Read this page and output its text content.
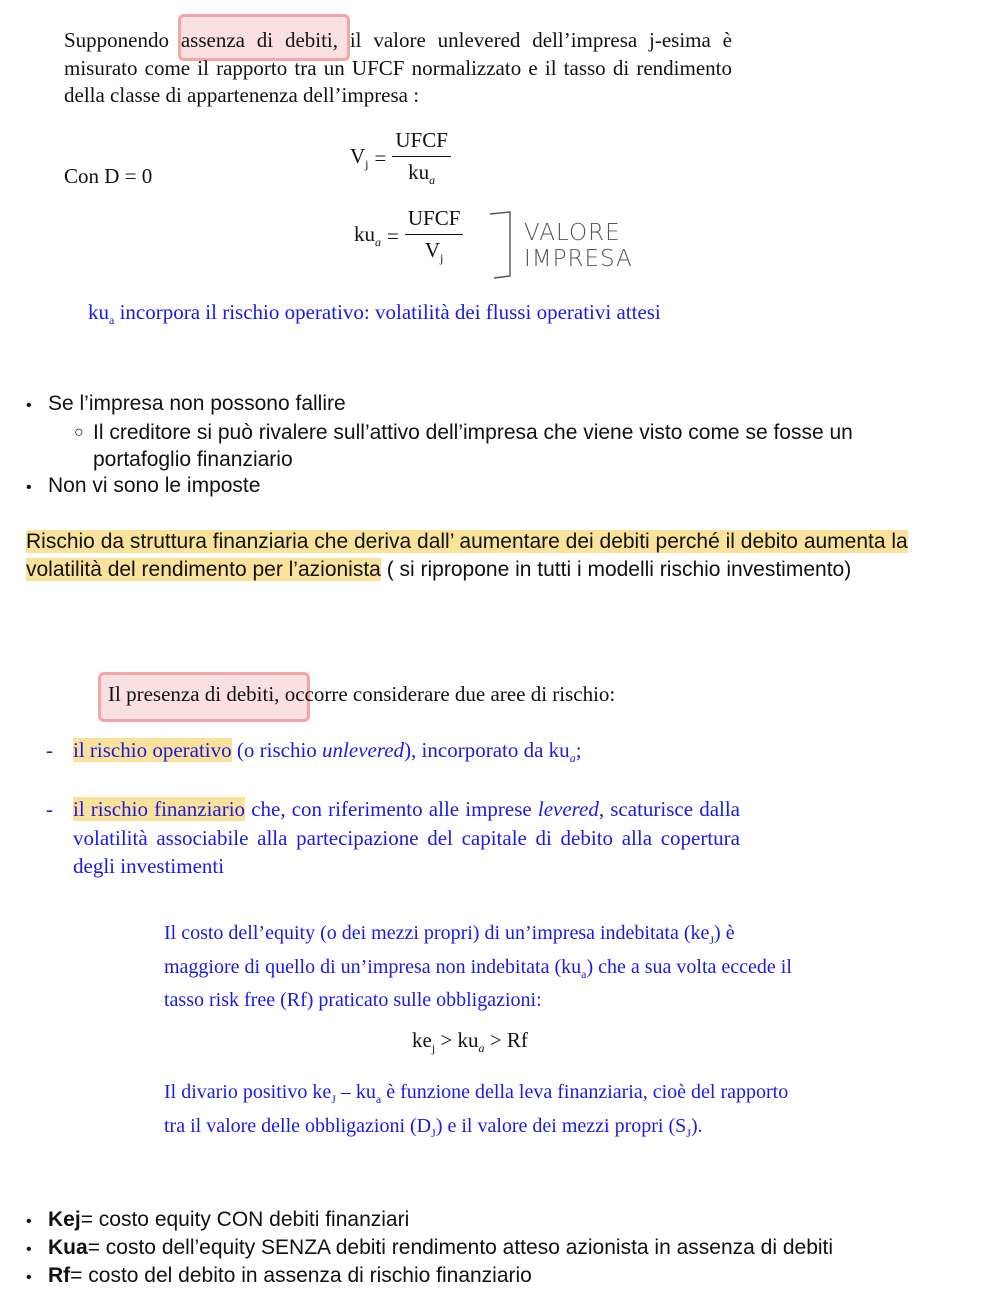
Supponendo assenza di debiti, il valore unlevered dell’impresa j-esima è misurato come il rapporto tra un UFCF normalizzato e il tasso di rendimento della classe di appartenenza dell’impresa :
Con D = 0
$V_j = \frac{\text{UFCF}}{ku_a}$
$ku_a = \frac{\text{UFCF}}{V_j}$	VALORE
IMPRESA
$ku_a$ incorpora il rischio operativo: volatilità dei flussi operativi attesi
• Se l’impresa non possono fallire
○ Il creditore si può rivalere sull’attivo dell’impresa che viene visto come se fosse un portafoglio finanziario
• Non vi sono le imposte
Rischio da struttura finanziaria che deriva dall’ aumentare dei debiti perché il debito aumenta la volatilità del rendimento per l’azionista ( si ripropone in tutti i modelli rischio investimento)
Il presenza di debiti, occorre considerare due aree di rischio:
- il rischio operativo (o rischio unlevered), incorporato da $ku_a$;
- il rischio finanziario che, con riferimento alle imprese levered, scaturisce dalla volatilità associabile alla partecipazione del capitale di debito alla copertura degli investimenti
Il costo dell’equity (o dei mezzi propri) di un’impresa indebitata $(ke_J)$ è maggiore di quello di un’impresa non indebitata $(ku_a)$ che a sua volta eccede il tasso risk free (Rf) praticato sulle obbligazioni:
$ke_j > ku_a > Rf$
Il divario positivo $ke_J - ku_a$ è funzione della leva finanziaria, cioè del rapporto tra il valore delle obbligazioni $(D_J)$ e il valore dei mezzi propri $(S_J)$.
• Kej= costo equity CON debiti finanziari
• Kua= costo dell’equity SENZA debiti rendimento atteso azionista in assenza di debiti
• Rf= costo del debito in assenza di rischio finanziario
